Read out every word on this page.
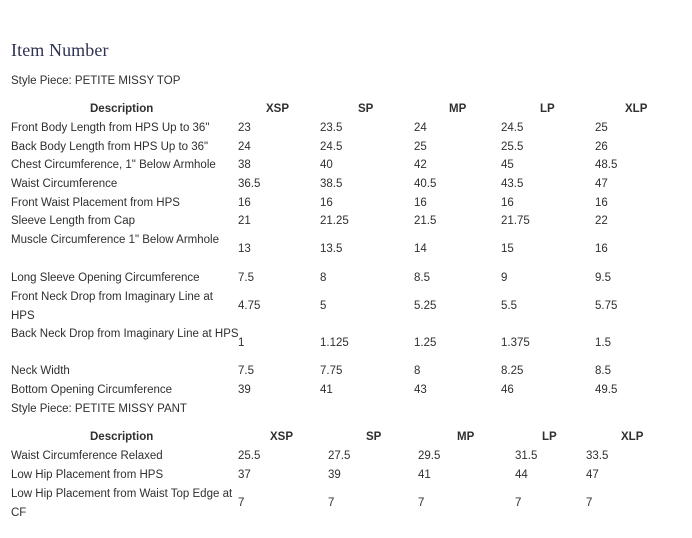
Item Number
Style Piece: PETITE MISSY TOP
Description	XSP	SP	MP	LP	XLP
Front Body Length from HPS Up to 36"	23	23.5	24	24.5	25
Back Body Length from HPS Up to 36"	24	24.5	25	25.5	26
Chest Circumference, 1" Below Armhole	38	40	42	45	48.5
Waist Circumference	36.5	38.5	40.5	43.5	47
Front Waist Placement from HPS	16	16	16	16	16
Sleeve Length from Cap	21	21.25	21.5	21.75	22
Muscle Circumference 1" Below Armhole
13	13.5	14	15	16
Long Sleeve Opening Circumference	7.5	8	8.5	9	9.5
Front Neck Drop from Imaginary Line at HPS
4.75	5	5.25	5.5	5.75
Back Neck Drop from Imaginary Line at HPS
1	1.125	1.25	1.375	1.5
Neck Width	7.5	7.75	8	8.25	8.5
Bottom Opening Circumference	39	41	43	46	49.5
Style Piece: PETITE MISSY PANT
Description	XSP	SP	MP	LP	XLP
Waist Circumference Relaxed	25.5	27.5	29.5	31.5	33.5
Low Hip Placement from HPS	37	39	41	44	47
Low Hip Placement from Waist Top Edge at CF
7	7	7	7	7
